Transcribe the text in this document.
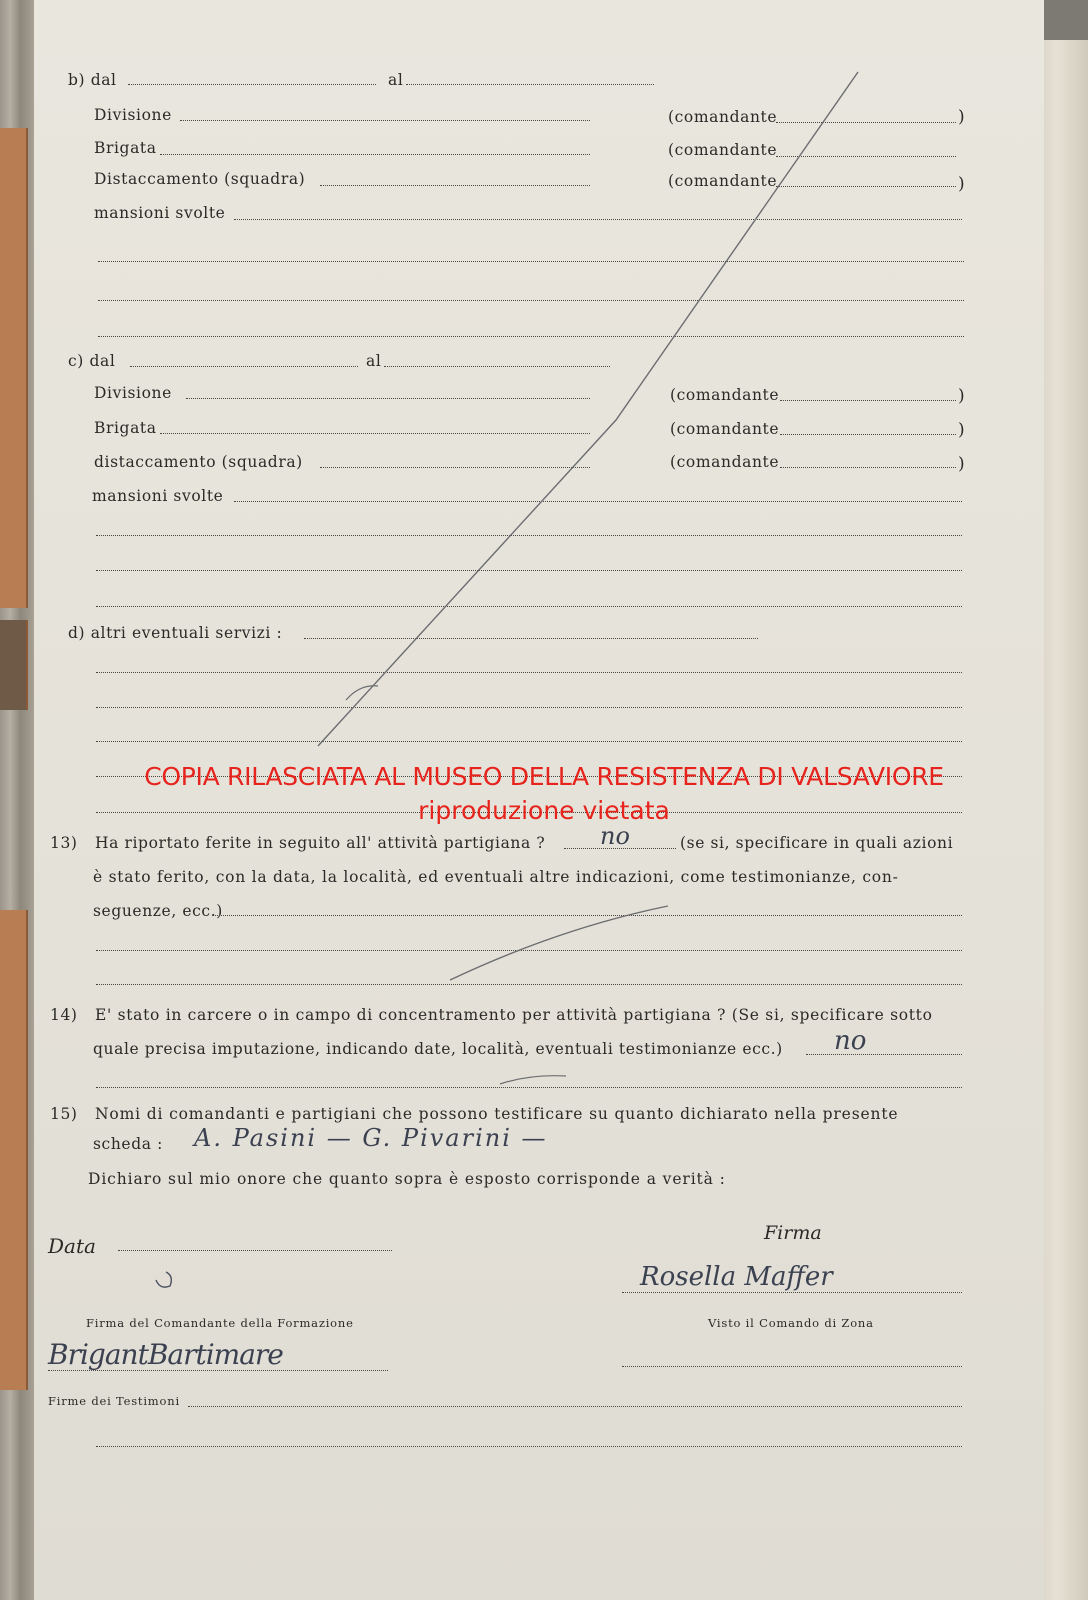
b) dal	al
Divisione	(comandante	)
Brigata	(comandante
Distaccamento (squadra)	(comandante	)
mansioni svolte
c) dal	al
Divisione	(comandante	)
Brigata	(comandante	)
distaccamento (squadra)	(comandante	)
mansioni svolte
d) altri eventuali servizi :
COPIA RILASCIATA AL MUSEO DELLA RESISTENZA DI VALSAVIORE
riproduzione vietata
13) Ha riportato ferite in seguito all' attività partigiana ? no	(se si, specificare in quali azioni
è stato ferito, con la data, la località, ed eventuali altre indicazioni, come testimonianze, con-
seguenze, ecc.)
14) E' stato in carcere o in campo di concentramento per attività partigiana ? (Se si, specificare sotto
quale precisa imputazione, indicando date, località, eventuali testimonianze ecc.) no
15) Nomi di comandanti e partigiani che possono testificare su quanto dichiarato nella presente
scheda : A. Pasini — G. Pivarini —
Dichiaro sul mio onore che quanto sopra è esposto corrisponde a verità :
Data
Firma
Rosella Maffer
Firma del Comandante della Formazione	Visto il Comando di Zona
BrigantBartimare
Firme dei Testimoni
